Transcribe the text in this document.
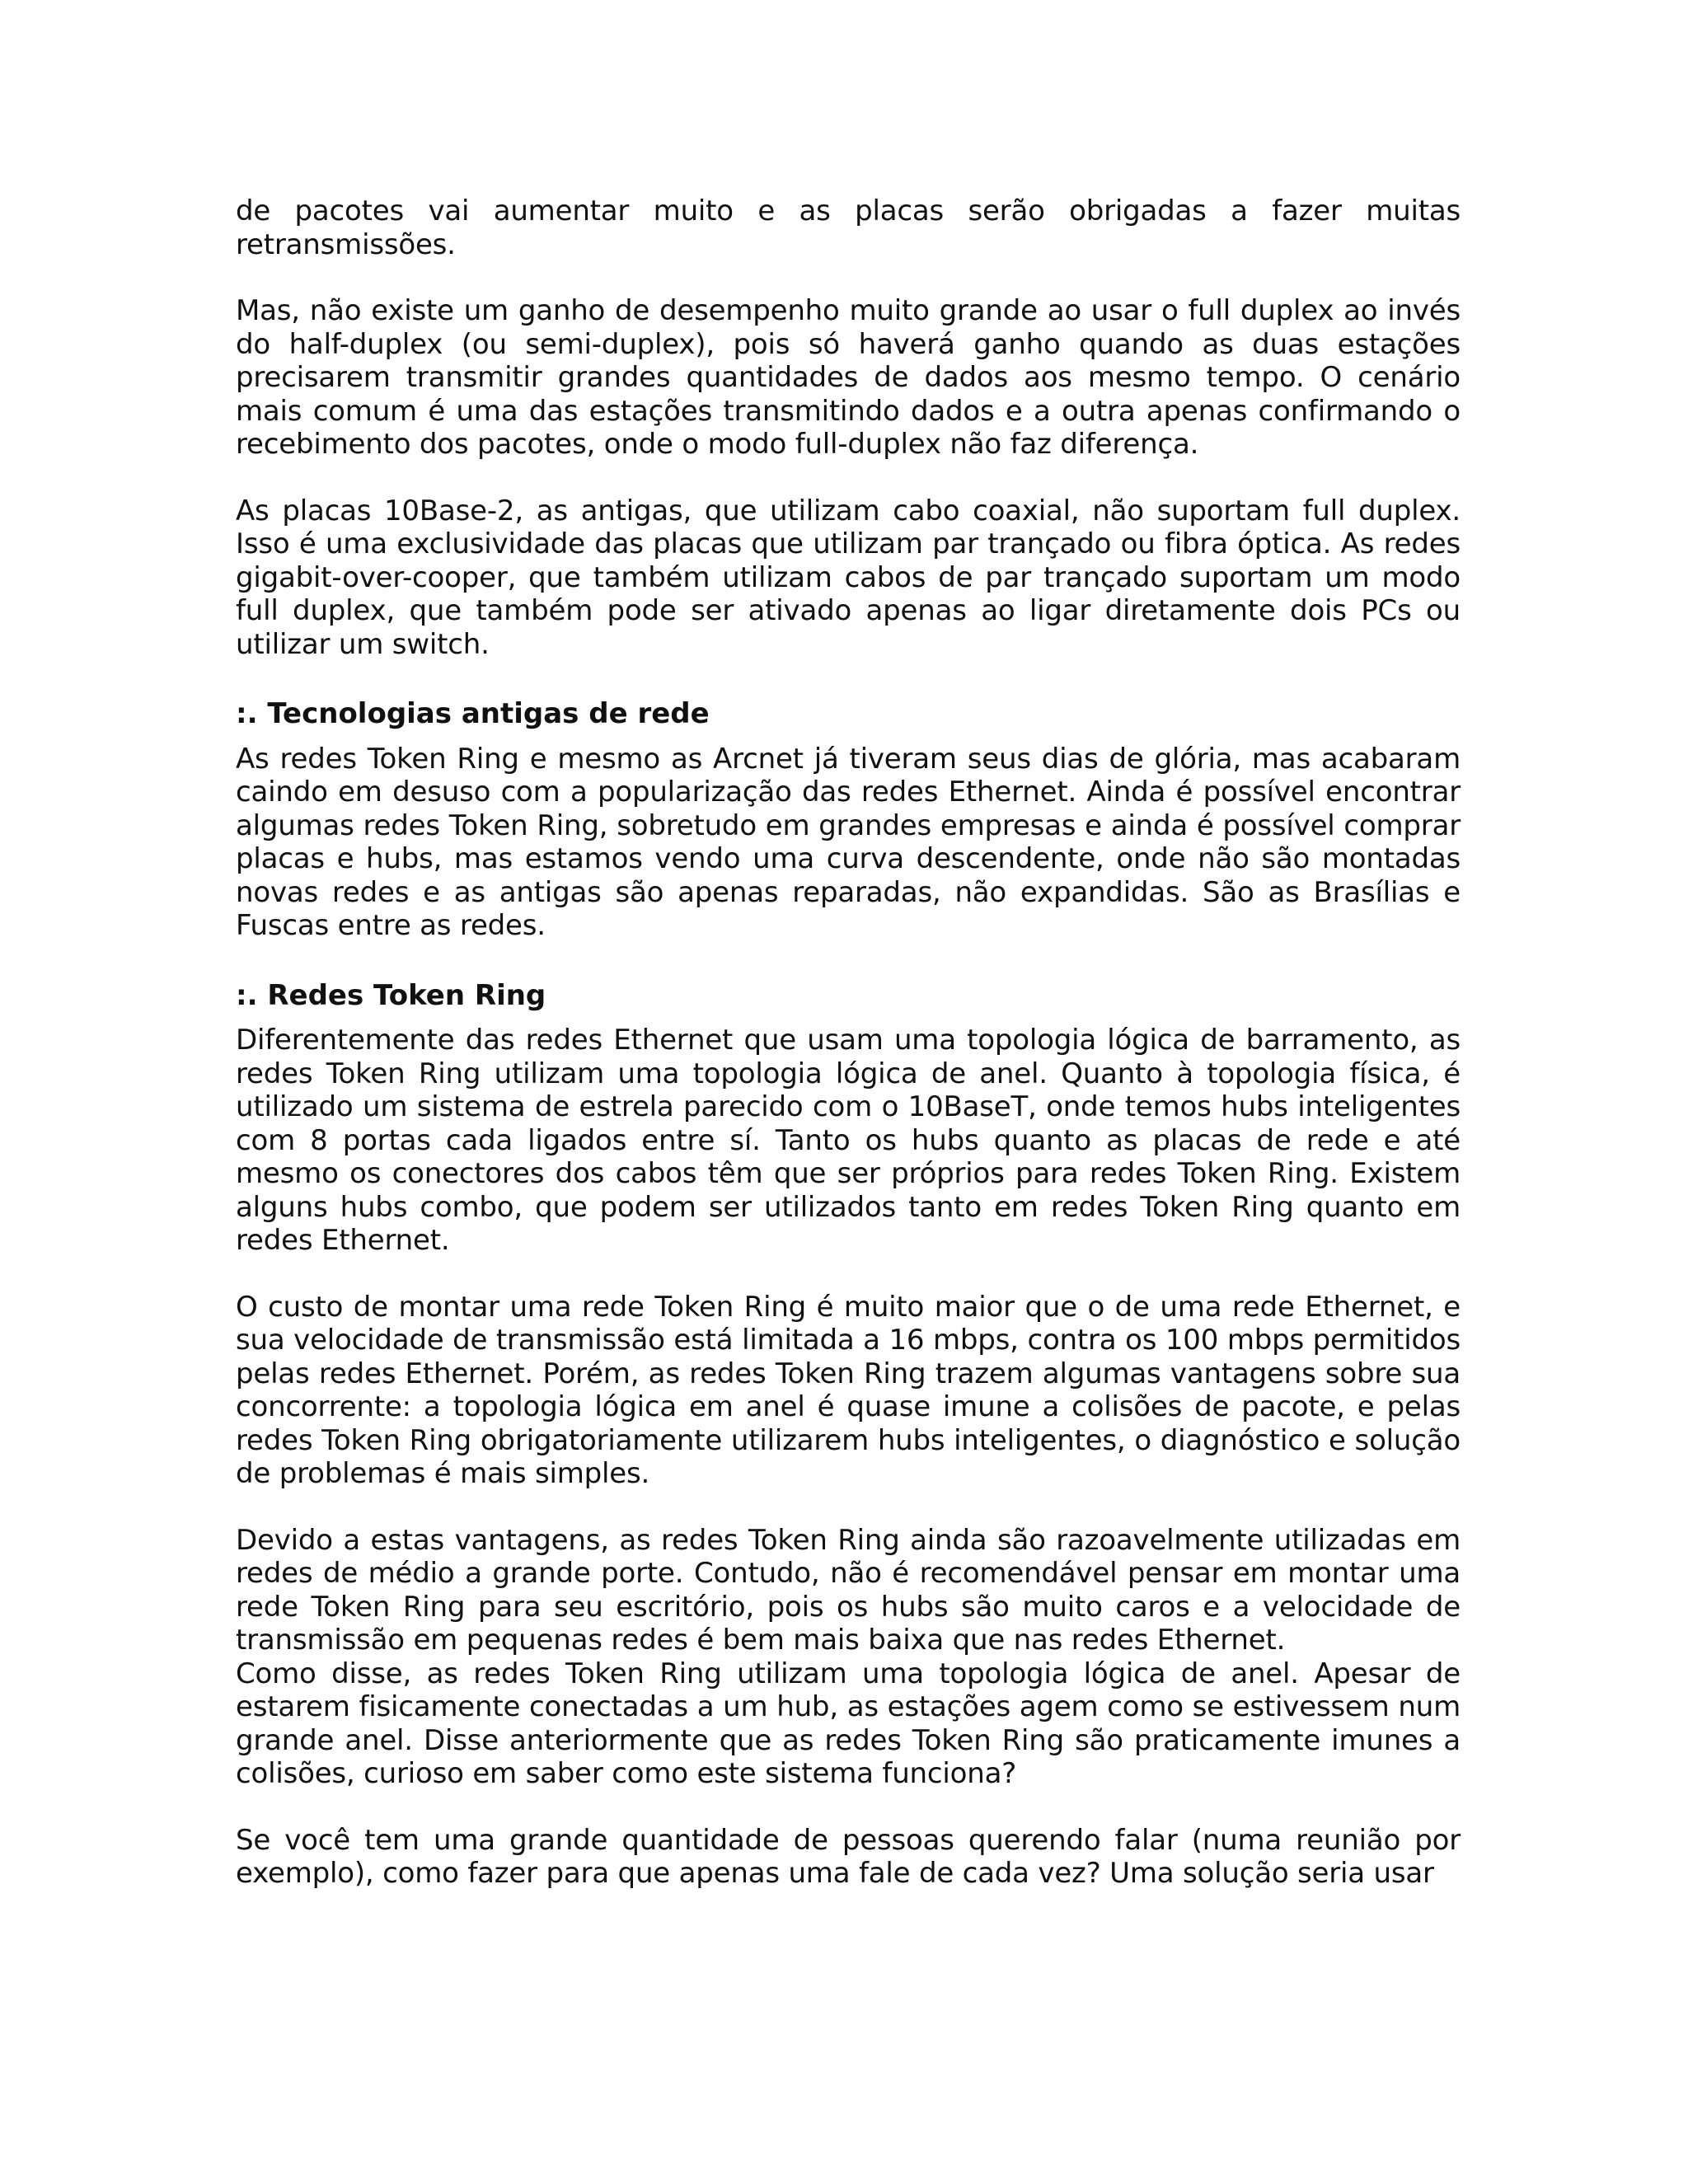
de pacotes vai aumentar muito e as placas serão obrigadas a fazer muitas retransmissões.

Mas, não existe um ganho de desempenho muito grande ao usar o full duplex ao invés do half-duplex (ou semi-duplex), pois só haverá ganho quando as duas estações precisarem transmitir grandes quantidades de dados aos mesmo tempo. O cenário mais comum é uma das estações transmitindo dados e a outra apenas confirmando o recebimento dos pacotes, onde o modo full-duplex não faz diferença.

As placas 10Base-2, as antigas, que utilizam cabo coaxial, não suportam full duplex. Isso é uma exclusividade das placas que utilizam par trançado ou fibra óptica. As redes gigabit-over-cooper, que também utilizam cabos de par trançado suportam um modo full duplex, que também pode ser ativado apenas ao ligar diretamente dois PCs ou utilizar um switch.

:. Tecnologias antigas de rede

As redes Token Ring e mesmo as Arcnet já tiveram seus dias de glória, mas acabaram caindo em desuso com a popularização das redes Ethernet. Ainda é possível encontrar algumas redes Token Ring, sobretudo em grandes empresas e ainda é possível comprar placas e hubs, mas estamos vendo uma curva descendente, onde não são montadas novas redes e as antigas são apenas reparadas, não expandidas. São as Brasílias e Fuscas entre as redes.

:. Redes Token Ring

Diferentemente das redes Ethernet que usam uma topologia lógica de barramento, as redes Token Ring utilizam uma topologia lógica de anel. Quanto à topologia física, é utilizado um sistema de estrela parecido com o 10BaseT, onde temos hubs inteligentes com 8 portas cada ligados entre sí. Tanto os hubs quanto as placas de rede e até mesmo os conectores dos cabos têm que ser próprios para redes Token Ring. Existem alguns hubs combo, que podem ser utilizados tanto em redes Token Ring quanto em redes Ethernet.

O custo de montar uma rede Token Ring é muito maior que o de uma rede Ethernet, e sua velocidade de transmissão está limitada a 16 mbps, contra os 100 mbps permitidos pelas redes Ethernet. Porém, as redes Token Ring trazem algumas vantagens sobre sua concorrente: a topologia lógica em anel é quase imune a colisões de pacote, e pelas redes Token Ring obrigatoriamente utilizarem hubs inteligentes, o diagnóstico e solução de problemas é mais simples.

Devido a estas vantagens, as redes Token Ring ainda são razoavelmente utilizadas em redes de médio a grande porte. Contudo, não é recomendável pensar em montar uma rede Token Ring para seu escritório, pois os hubs são muito caros e a velocidade de transmissão em pequenas redes é bem mais baixa que nas redes Ethernet.

Como disse, as redes Token Ring utilizam uma topologia lógica de anel. Apesar de estarem fisicamente conectadas a um hub, as estações agem como se estivessem num grande anel. Disse anteriormente que as redes Token Ring são praticamente imunes a colisões, curioso em saber como este sistema funciona?

Se você tem uma grande quantidade de pessoas querendo falar (numa reunião por exemplo), como fazer para que apenas uma fale de cada vez? Uma solução seria usar
